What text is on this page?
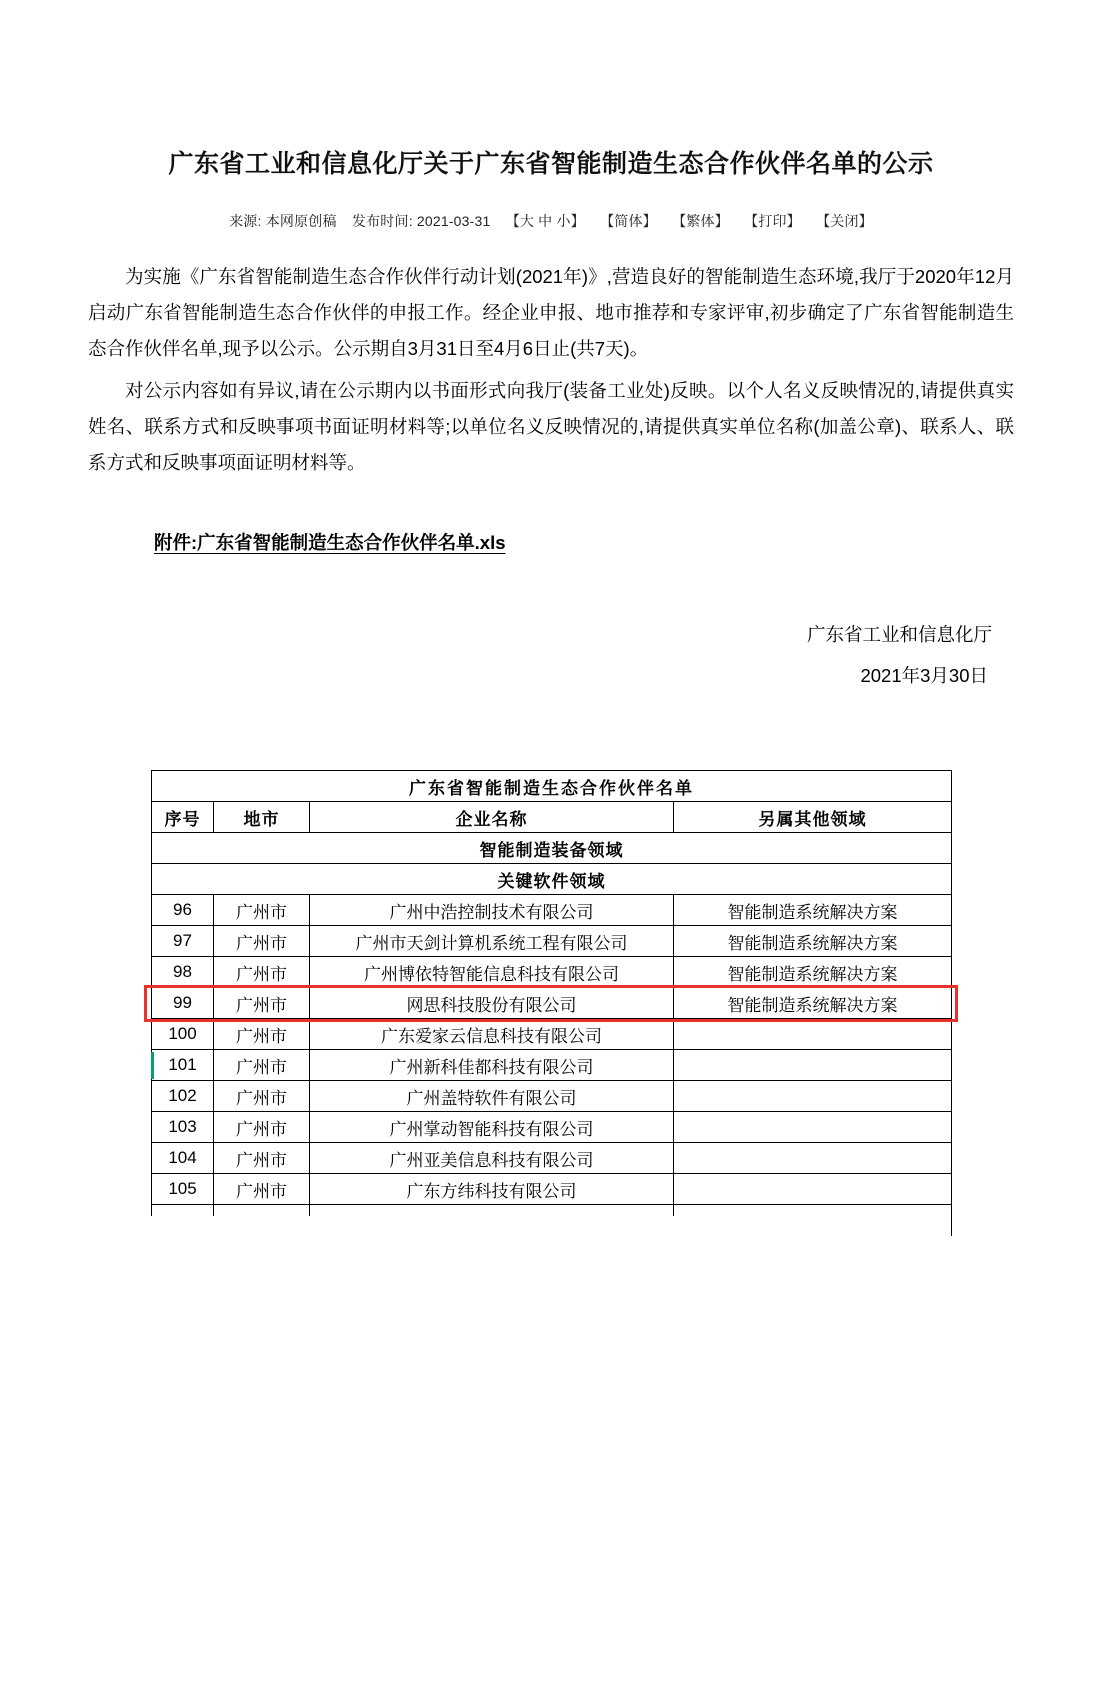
广东省工业和信息化厅关于广东省智能制造生态合作伙伴名单的公示
来源: 本网原创稿 发布时间: 2021-03-31 【大 中 小】 【简体】 【繁体】 【打印】 【关闭】

为实施《广东省智能制造生态合作伙伴行动计划(2021年)》,营造良好的智能制造生态环境,我厅于2020年12月启动广东省智能制造生态合作伙伴的申报工作。经企业申报、地市推荐和专家评审,初步确定了广东省智能制造生态合作伙伴名单,现予以公示。公示期自3月31日至4月6日止(共7天)。

对公示内容如有异议,请在公示期内以书面形式向我厅(装备工业处)反映。以个人名义反映情况的,请提供真实姓名、联系方式和反映事项书面证明材料等;以单位名义反映情况的,请提供真实单位名称(加盖公章)、联系人、联系方式和反映事项面证明材料等。

附件:广东省智能制造生态合作伙伴名单.xls
广东省工业和信息化厅
2021年3月30日
广东省智能制造生态合作伙伴名单			
序号	地市	企业名称	另属其他领域
智能制造装备领域			
关键软件领域			
96	广州市	广州中浩控制技术有限公司	智能制造系统解决方案
97	广州市	广州市天剑计算机系统工程有限公司	智能制造系统解决方案
98	广州市	广州博依特智能信息科技有限公司	智能制造系统解决方案
99	广州市	网思科技股份有限公司	智能制造系统解决方案
100	广州市	广东爱家云信息科技有限公司	
101	广州市	广州新科佳都科技有限公司	
102	广州市	广州盖特软件有限公司	
103	广州市	广州掌动智能科技有限公司	
104	广州市	广州亚美信息科技有限公司	
105	广州市	广东方纬科技有限公司	
